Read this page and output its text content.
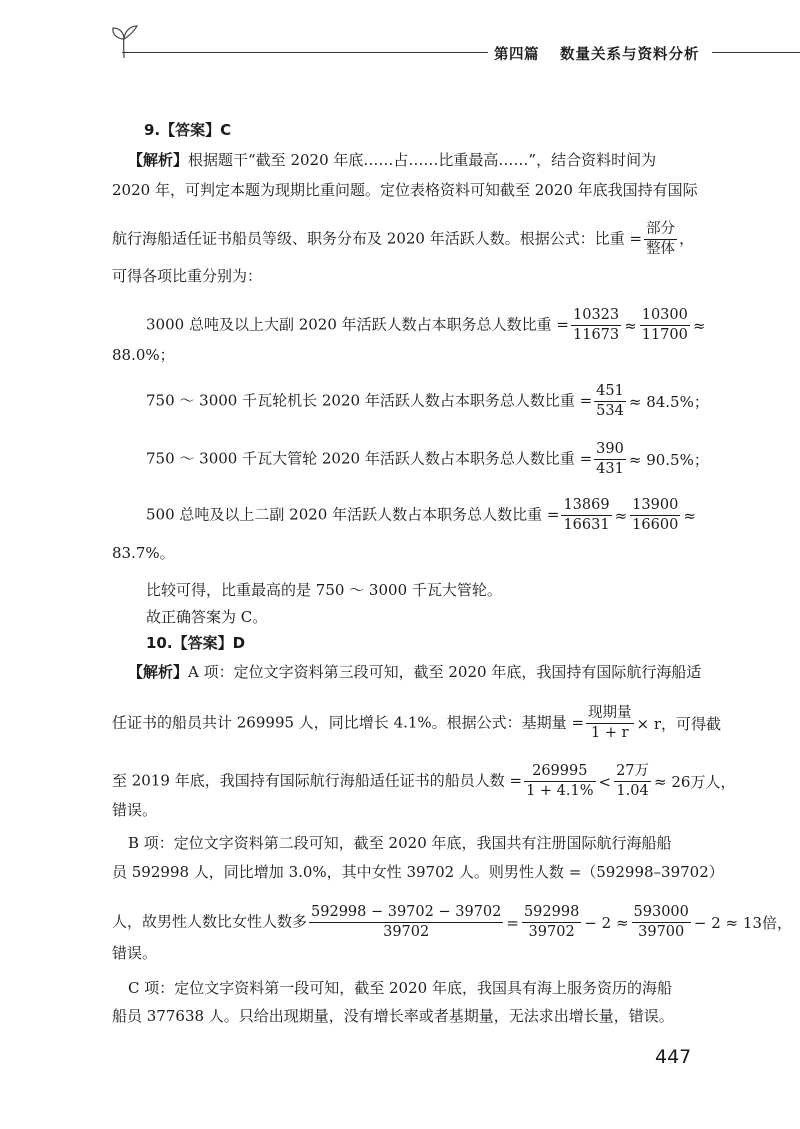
第四篇 数量关系与资料分析
9.【答案】C
【解析】根据题干“截至 2020 年底……占……比重最高……”，结合资料时间为
2020 年，可判定本题为现期比重问题。定位表格资料可知截至 2020 年底我国持有国际
航行海船适任证书船员等级、职务分布及 2020 年活跃人数。根据公式：比重 = $\frac{\text{部分}}{\text{整体}}$ ，
可得各项比重分别为：
3000 总吨及以上大副 2020 年活跃人数占本职务总人数比重 = $\frac{10323}{11673} \approx \frac{10300}{11700}$ ≈
88.0%；
750 ～ 3000 千瓦轮机长 2020 年活跃人数占本职务总人数比重 = $\frac{451}{534} \approx 84.5\%$；
750 ～ 3000 千瓦大管轮 2020 年活跃人数占本职务总人数比重 = $\frac{390}{431} \approx 90.5\%$；
500 总吨及以上二副 2020 年活跃人数占本职务总人数比重 = $\frac{13869}{16631} \approx \frac{13900}{16600}$ ≈
83.7%。
比较可得，比重最高的是 750 ～ 3000 千瓦大管轮。
故正确答案为 C。
10.【答案】D
【解析】A 项：定位文字资料第三段可知，截至 2020 年底，我国持有国际航行海船适
任证书的船员共计 269995 人，同比增长 4.1%。根据公式：基期量 = $\frac{\text{现期量}}{1 + r} \times r$，可得截
至 2019 年底，我国持有国际航行海船适任证书的船员人数 = $\frac{269995}{1 + 4.1\%} < \frac{\text{27万}}{1.04} \approx 26$万人，
错误。
B 项：定位文字资料第二段可知，截至 2020 年底，我国共有注册国际航行海船船
员 592998 人，同比增加 3.0%，其中女性 39702 人。则男性人数 =（592998–39702）
人，故男性人数比女性人数多 $\frac{592998 - 39702 - 39702}{39702} = \frac{592998}{39702} - 2 \approx \frac{593000}{39700} - 2 \approx 13$倍，
错误。
C 项：定位文字资料第一段可知，截至 2020 年底，我国具有海上服务资历的海船
船员 377638 人。只给出现期量，没有增长率或者基期量，无法求出增长量，错误。
447
